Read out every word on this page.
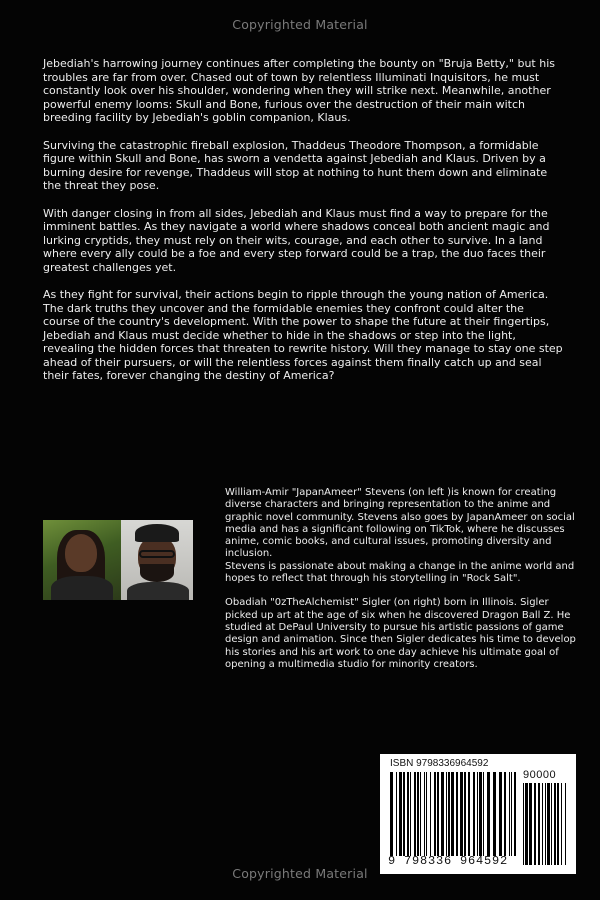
Copyrighted Material

Jebediah's harrowing journey continues after completing the bounty on "Bruja Betty," but his troubles are far from over. Chased out of town by relentless Illuminati Inquisitors, he must constantly look over his shoulder, wondering when they will strike next. Meanwhile, another powerful enemy looms: Skull and Bone, furious over the destruction of their main witch breeding facility by Jebediah's goblin companion, Klaus.

Surviving the catastrophic fireball explosion, Thaddeus Theodore Thompson, a formidable figure within Skull and Bone, has sworn a vendetta against Jebediah and Klaus. Driven by a burning desire for revenge, Thaddeus will stop at nothing to hunt them down and eliminate the threat they pose.

With danger closing in from all sides, Jebediah and Klaus must find a way to prepare for the imminent battles. As they navigate a world where shadows conceal both ancient magic and lurking cryptids, they must rely on their wits, courage, and each other to survive. In a land where every ally could be a foe and every step forward could be a trap, the duo faces their greatest challenges yet.

As they fight for survival, their actions begin to ripple through the young nation of America. The dark truths they uncover and the formidable enemies they confront could alter the course of the country's development. With the power to shape the future at their fingertips, Jebediah and Klaus must decide whether to hide in the shadows or step into the light, revealing the hidden forces that threaten to rewrite history. Will they manage to stay one step ahead of their pursuers, or will the relentless forces against them finally catch up and seal their fates, forever changing the destiny of America?

William-Amir "JapanAmeer" Stevens (on left )is known for creating diverse characters and bringing representation to the anime and graphic novel community. Stevens also goes by JapanAmeer on social media and has a significant following on TikTok, where he discusses anime, comic books, and cultural issues, promoting diversity and inclusion.

Stevens is passionate about making a change in the anime world and hopes to reflect that through his storytelling in "Rock Salt".

Obadiah "0zTheAlchemist" Sigler (on right) born in Illinois. Sigler picked up art at the age of six when he discovered Dragon Ball Z. He studied at DePaul University to pursue his artistic passions of game design and animation. Since then Sigler dedicates his time to develop his stories and his art work to one day achieve his ultimate goal of opening a multimedia studio for minority creators.

ISBN 9798336964592
90000
9 798336 964592
Copyrighted Material
